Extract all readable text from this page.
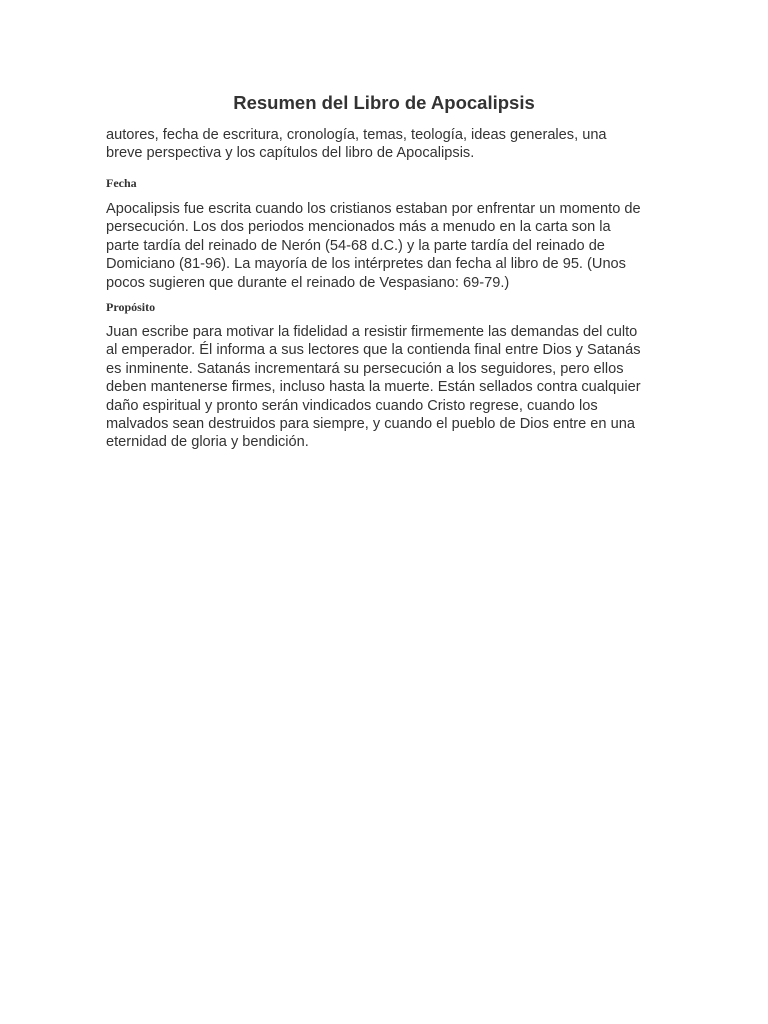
Resumen del Libro de Apocalipsis

autores, fecha de escritura, cronología, temas, teología, ideas generales, una
breve perspectiva y los capítulos del libro de Apocalipsis.

Fecha

Apocalipsis fue escrita cuando los cristianos estaban por enfrentar un momento de
persecución. Los dos periodos mencionados más a menudo en la carta son la
parte tardía del reinado de Nerón (54-68 d.C.) y la parte tardía del reinado de
Domiciano (81-96). La mayoría de los intérpretes dan fecha al libro de 95. (Unos
pocos sugieren que durante el reinado de Vespasiano: 69-79.)

Propósito

Juan escribe para motivar la fidelidad a resistir firmemente las demandas del culto
al emperador. Él informa a sus lectores que la contienda final entre Dios y Satanás
es inminente. Satanás incrementará su persecución a los seguidores, pero ellos
deben mantenerse firmes, incluso hasta la muerte. Están sellados contra cualquier
daño espiritual y pronto serán vindicados cuando Cristo regrese, cuando los
malvados sean destruidos para siempre, y cuando el pueblo de Dios entre en una
eternidad de gloria y bendición.
